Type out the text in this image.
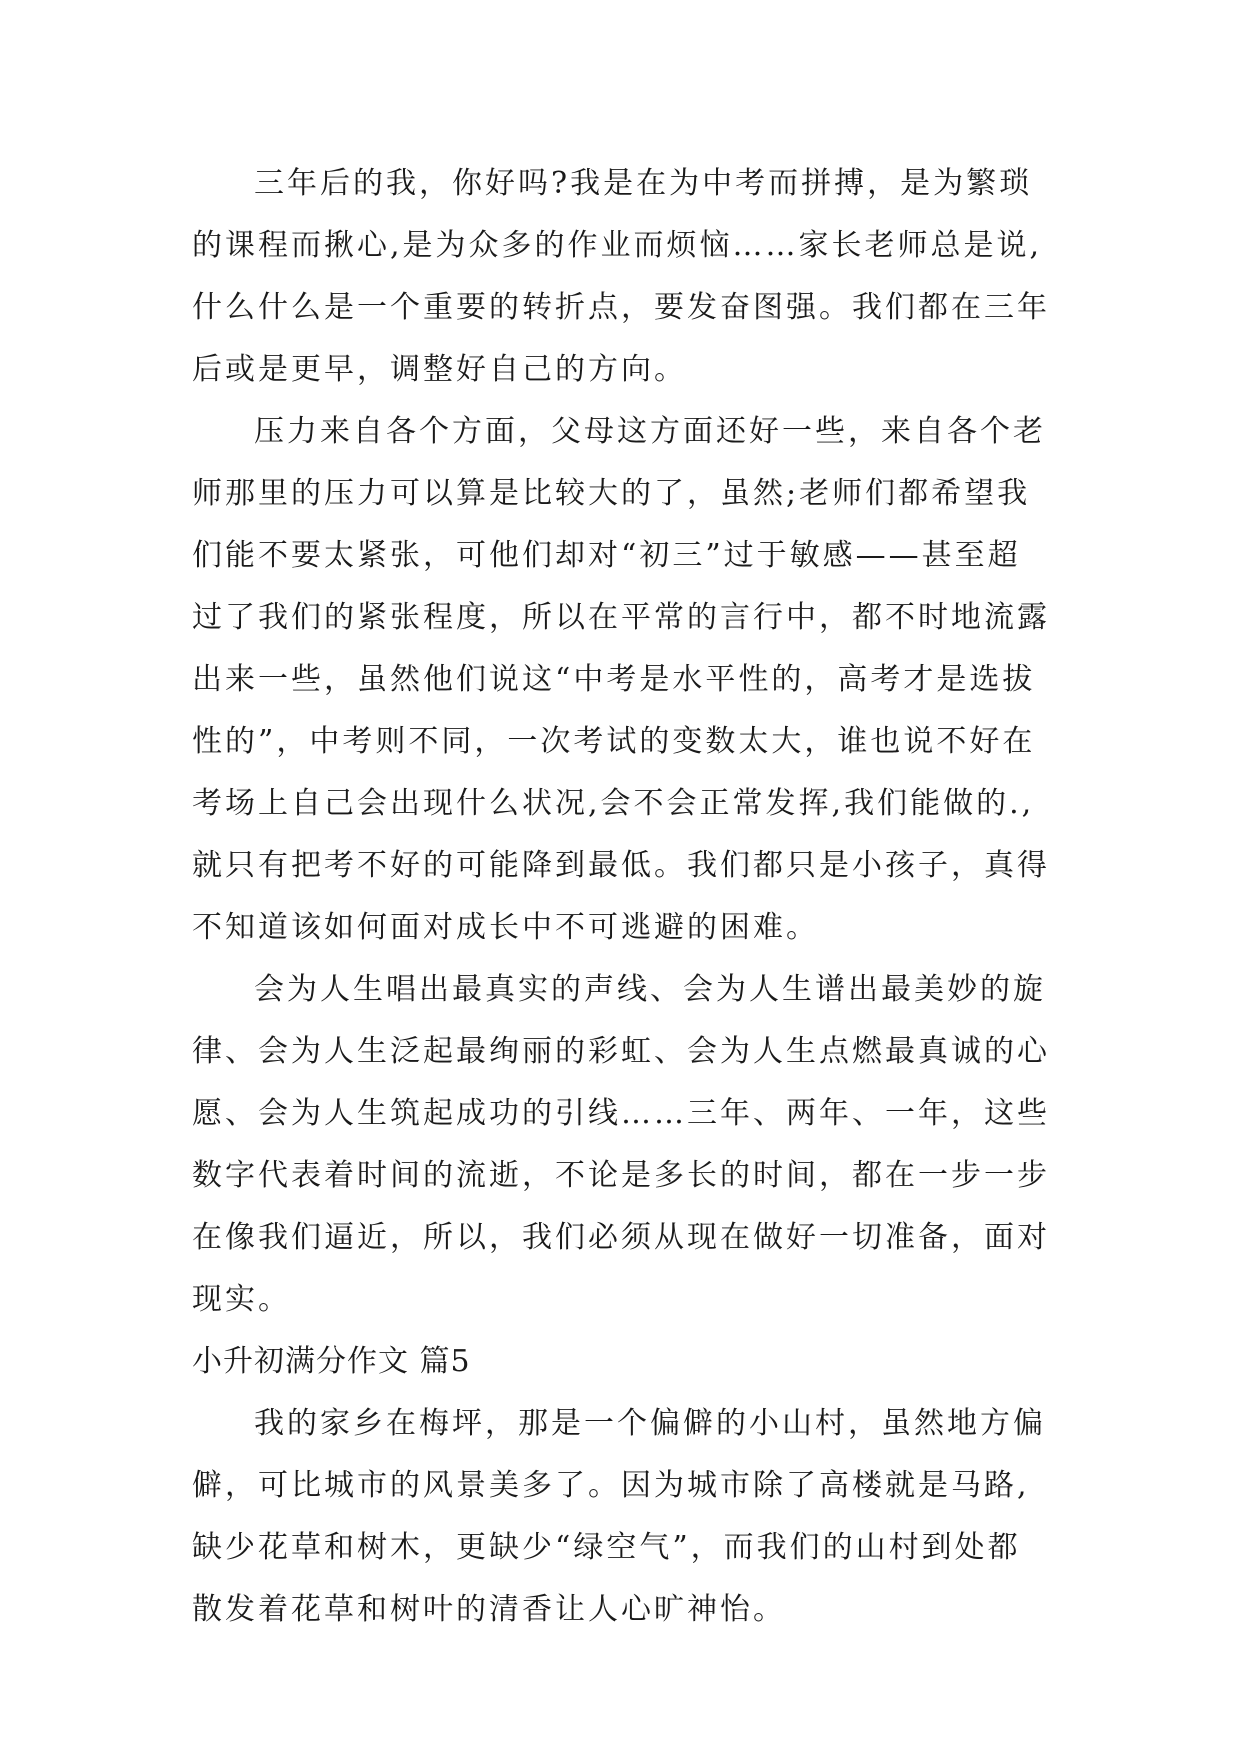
三年后的我，你好吗?我是在为中考而拼搏，是为繁琐
的课程而揪心,是为众多的作业而烦恼……家长老师总是说,
什么什么是一个重要的转折点，要发奋图强。我们都在三年
后或是更早，调整好自己的方向。
压力来自各个方面，父母这方面还好一些，来自各个老
师那里的压力可以算是比较大的了，虽然;老师们都希望我
们能不要太紧张，可他们却对“初三”过于敏感——甚至超
过了我们的紧张程度，所以在平常的言行中，都不时地流露
出来一些，虽然他们说这“中考是水平性的，高考才是选拔
性的”，中考则不同，一次考试的变数太大，谁也说不好在
考场上自己会出现什么状况,会不会正常发挥,我们能做的.,
就只有把考不好的可能降到最低。我们都只是小孩子，真得
不知道该如何面对成长中不可逃避的困难。
会为人生唱出最真实的声线、会为人生谱出最美妙的旋
律、会为人生泛起最绚丽的彩虹、会为人生点燃最真诚的心
愿、会为人生筑起成功的引线……三年、两年、一年，这些
数字代表着时间的流逝，不论是多长的时间，都在一步一步
在像我们逼近，所以，我们必须从现在做好一切准备，面对
现实。
小升初满分作文 篇5
我的家乡在梅坪，那是一个偏僻的小山村，虽然地方偏
僻，可比城市的风景美多了。因为城市除了高楼就是马路,
缺少花草和树木，更缺少“绿空气”，而我们的山村到处都
散发着花草和树叶的清香让人心旷神怡。
